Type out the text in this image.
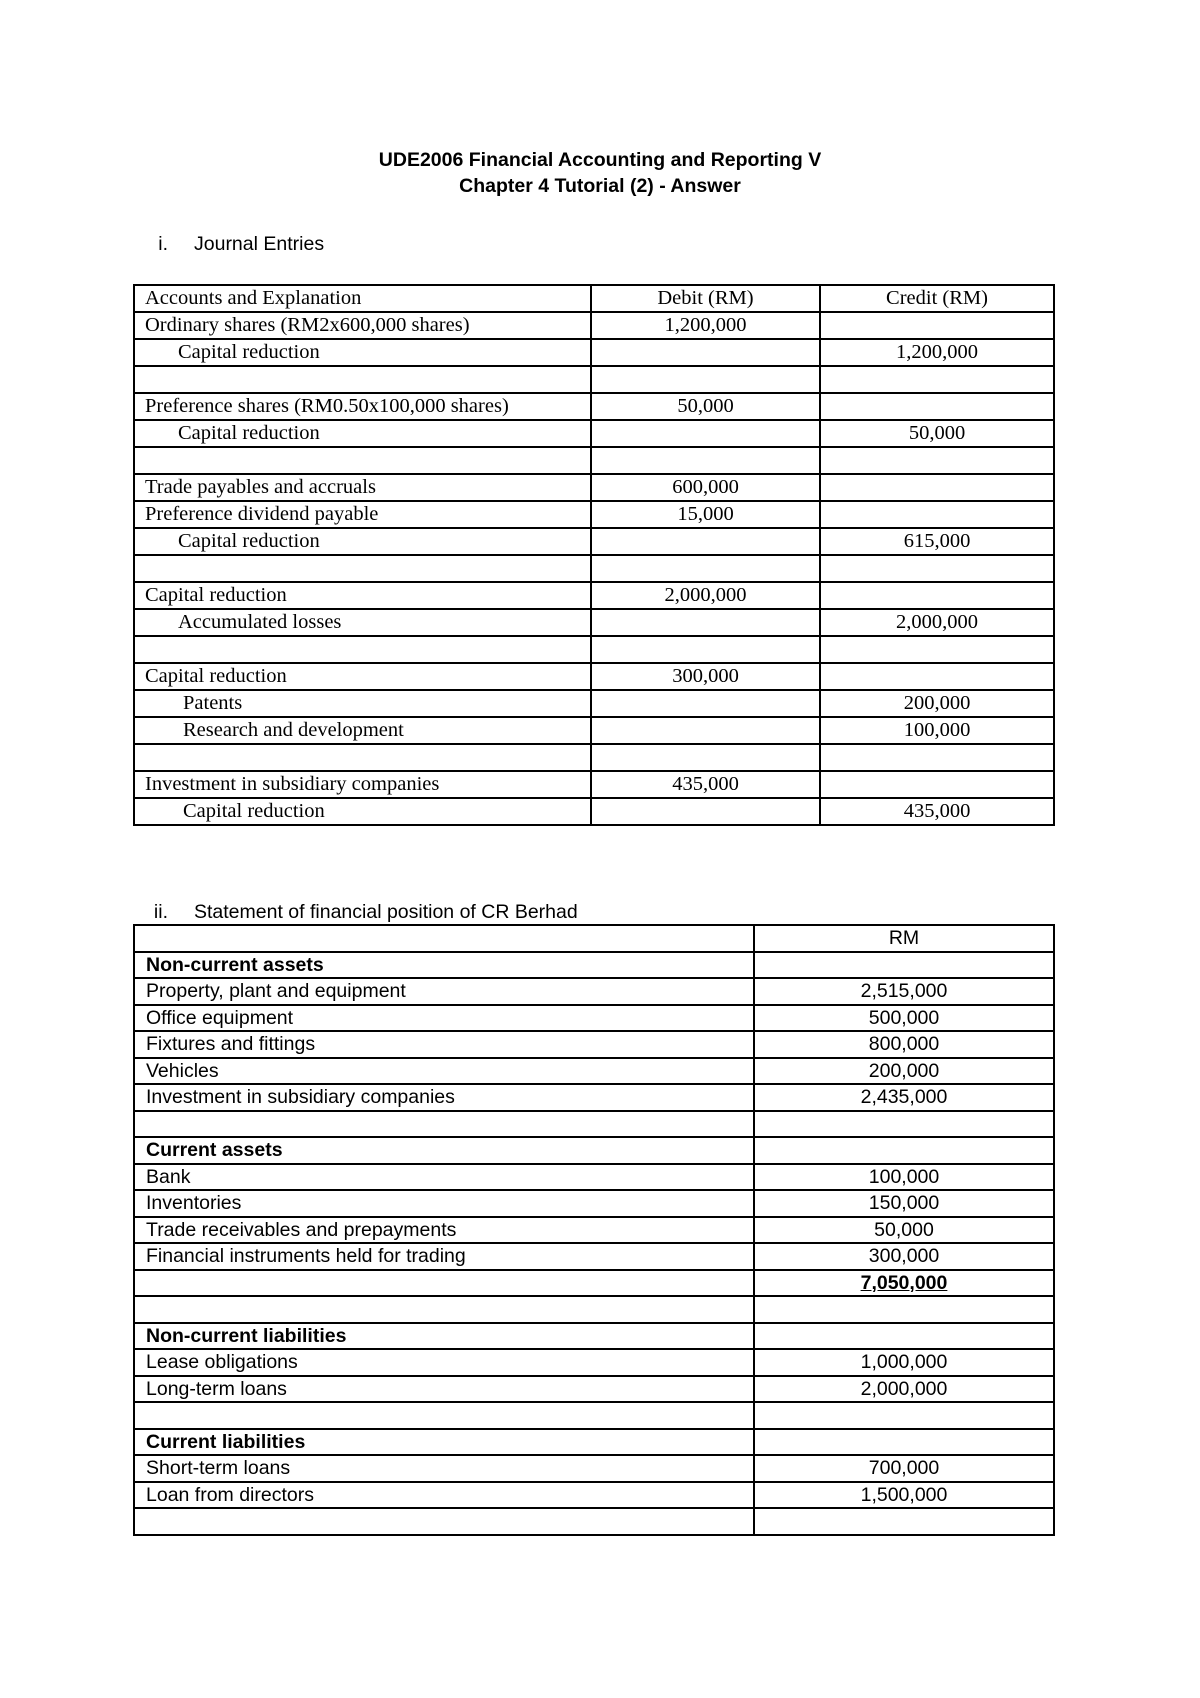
UDE2006 Financial Accounting and Reporting V
Chapter 4 Tutorial (2) - Answer
i. Journal Entries
Accounts and Explanation	Debit (RM)	Credit (RM)
Ordinary shares (RM2x600,000 shares)	1,200,000	
Capital reduction		1,200,000

Preference shares (RM0.50x100,000 shares)	50,000	
Capital reduction		50,000

Trade payables and accruals	600,000	
Preference dividend payable	15,000	
Capital reduction		615,000

Capital reduction	2,000,000	
Accumulated losses		2,000,000

Capital reduction	300,000	
Patents		200,000
Research and development		100,000

Investment in subsidiary companies	435,000	
Capital reduction		435,000
ii. Statement of financial position of CR Berhad
	RM
Non-current assets	
Property, plant and equipment	2,515,000
Office equipment	500,000
Fixtures and fittings	800,000
Vehicles	200,000
Investment in subsidiary companies	2,435,000

Current assets	
Bank	100,000
Inventories	150,000
Trade receivables and prepayments	50,000
Financial instruments held for trading	300,000
	7,050,000

Non-current liabilities	
Lease obligations	1,000,000
Long-term loans	2,000,000

Current liabilities	
Short-term loans	700,000
Loan from directors	1,500,000
